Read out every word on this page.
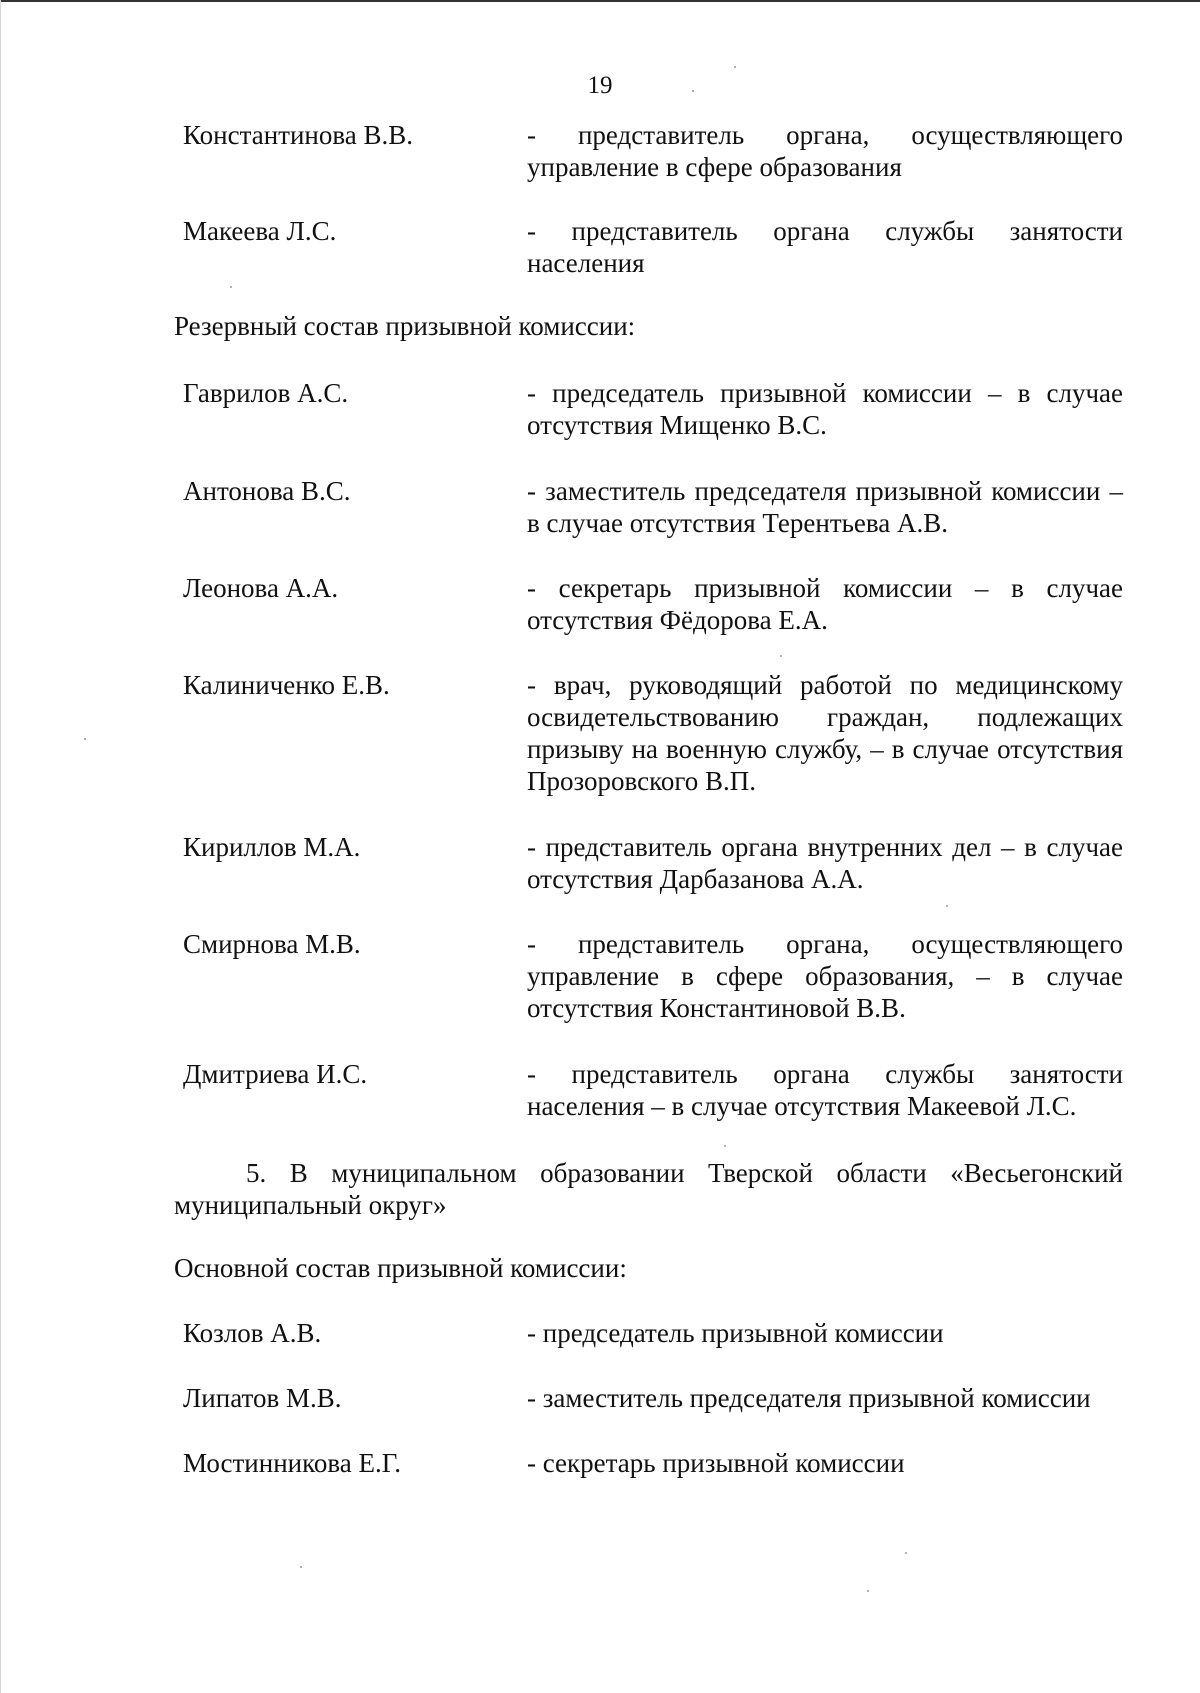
19
Константинова В.В.	- представитель органа, осуществляющего управление в сфере образования
Макеева Л.С.	- представитель органа службы занятости населения
Резервный состав призывной комиссии:
Гаврилов А.С.	- председатель призывной комиссии – в случае отсутствия Мищенко В.С.
Антонова В.С.	- заместитель председателя призывной комиссии – в случае отсутствия Терентьева А.В.
Леонова А.А.	- секретарь призывной комиссии – в случае отсутствия Фёдорова Е.А.
Калиниченко Е.В.	- врач, руководящий работой по медицинскому освидетельствованию граждан, подлежащих призыву на военную службу, – в случае отсутствия Прозоровского В.П.
Кириллов М.А.	- представитель органа внутренних дел – в случае отсутствия Дарбазанова А.А.
Смирнова М.В.	- представитель органа, осуществляющего управление в сфере образования, – в случае отсутствия Константиновой В.В.
Дмитриева И.С.	- представитель органа службы занятости населения – в случае отсутствия Макеевой Л.С.
5. В муниципальном образовании Тверской области «Весьегонский муниципальный округ»
Основной состав призывной комиссии:
Козлов А.В.	- председатель призывной комиссии
Липатов М.В.	- заместитель председателя призывной комиссии
Мостинникова Е.Г.	- секретарь призывной комиссии
